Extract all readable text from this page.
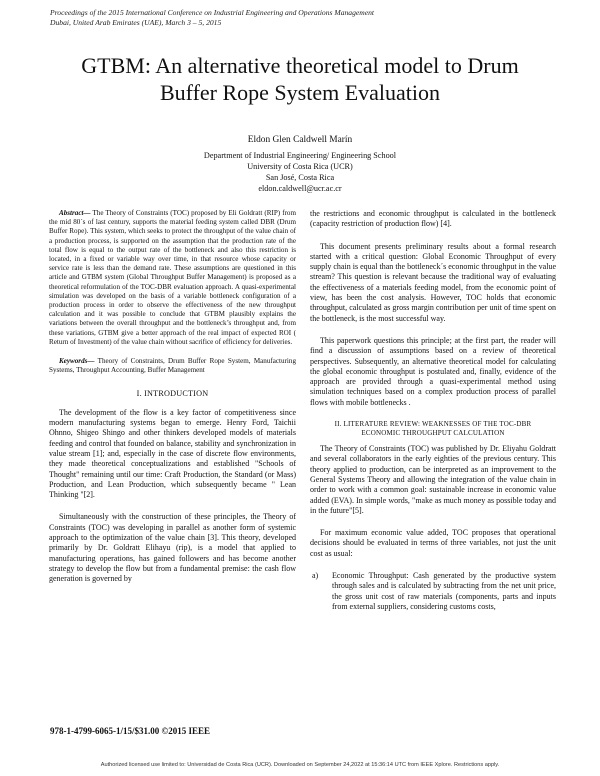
Proceedings of the 2015 International Conference on Industrial Engineering and Operations Management
Dubai, United Arab Emirates (UAE), March 3 – 5, 2015
GTBM: An alternative theoretical model to Drum
Buffer Rope System Evaluation
Eldon Glen Caldwell Marín
Department of Industrial Engineering/ Engineering School
University of Costa Rica (UCR)
San José, Costa Rica
eldon.caldwell@ucr.ac.cr

Abstract— The Theory of Constraints (TOC) proposed by Eli Goldratt (RIP) from the mid 80´s of last century, supports the material feeding system called DBR (Drum Buffer Rope). This system, which seeks to protect the throughput of the value chain of a production process, is supported on the assumption that the production rate of the total flow is equal to the output rate of the bottleneck and also this restriction is located, in a fixed or variable way over time, in that resource whose capacity or service rate is less than the demand rate. These assumptions are questioned in this article and GTBM system (Global Throughput Buffer Management) is proposed as a theoretical reformulation of the TOC-DBR evaluation approach. A quasi-experimental simulation was developed on the basis of a variable bottleneck configuration of a production process in order to observe the effectiveness of the new throughput calculation and it was possible to conclude that GTBM plausibly explains the variations between the overall throughput and the bottleneck’s throughput and, from these variations, GTBM give a better approach of the real impact of expected ROI ( Return of Investment) of the value chain without sacrifice of efficiency for deliveries.

Keywords— Theory of Constraints, Drum Buffer Rope System, Manufacturing Systems, Throughput Accounting, Buffer Management

I. INTRODUCTION

The development of the flow is a key factor of competitiveness since modern manufacturing systems began to emerge. Henry Ford, Taichii Ohnno, Shigeo Shingo and other thinkers developed models of materials feeding and control that founded on balance, stability and synchronization in value stream [1]; and, especially in the case of discrete flow environments, they made theoretical conceptualizations and established "Schools of Thought" remaining until our time: Craft Production, the Standard (or Mass) Production, and Lean Production, which subsequently became " Lean Thinking "[2].

Simultaneously with the construction of these principles, the Theory of Constraints (TOC) was developing in parallel as another form of systemic approach to the optimization of the value chain [3]. This theory, developed primarily by Dr. Goldratt Elihayu (rip), is a model that applied to manufacturing operations, has gained followers and has become another strategy to develop the flow but from a fundamental premise: the cash flow generation is governed by

the restrictions and economic throughput is calculated in the bottleneck (capacity restriction of production flow) [4].

This document presents preliminary results about a formal research started with a critical question: Global Economic Throughput of every supply chain is equal than the bottleneck´s economic throughput in the value stream? This question is relevant because the traditional way of evaluating the effectiveness of a materials feeding model, from the economic point of view, has been the cost analysis. However, TOC holds that economic throughput, calculated as gross margin contribution per unit of time spent on the bottleneck, is the most successful way.

This paperwork questions this principle; at the first part, the reader will find a discussion of assumptions based on a review of theoretical perspectives. Subsequently, an alternative theoretical model for calculating the global economic throughput is postulated and, finally, evidence of the approach are provided through a quasi-experimental method using simulation techniques based on a complex production process of parallel flows with mobile bottlenecks .

II. LITERATURE REVIEW: WEAKNESSES OF THE TOC-DBR
ECONOMIC THROUGHPUT CALCULATION

The Theory of Constraints (TOC) was published by Dr. Eliyahu Goldratt and several collaborators in the early eighties of the previous century. This theory applied to production, can be interpreted as an improvement to the General Systems Theory and allowing the integration of the value chain in order to work with a common goal: sustainable increase in economic value added (EVA). In simple words, "make as much money as possible today and in the future"[5].

For maximum economic value added, TOC proposes that operational decisions should be evaluated in terms of three variables, not just the unit cost as usual:

a)	Economic Throughput: Cash generated by the productive system through sales and is calculated by subtracting from the net unit price, the gross unit cost of raw materials (components, parts and inputs from external suppliers, considering customs costs,
978-1-4799-6065-1/15/$31.00 ©2015 IEEE
Authorized licensed use limited to: Universidad de Costa Rica (UCR). Downloaded on September 24,2022 at 15:36:14 UTC from IEEE Xplore. Restrictions apply.
